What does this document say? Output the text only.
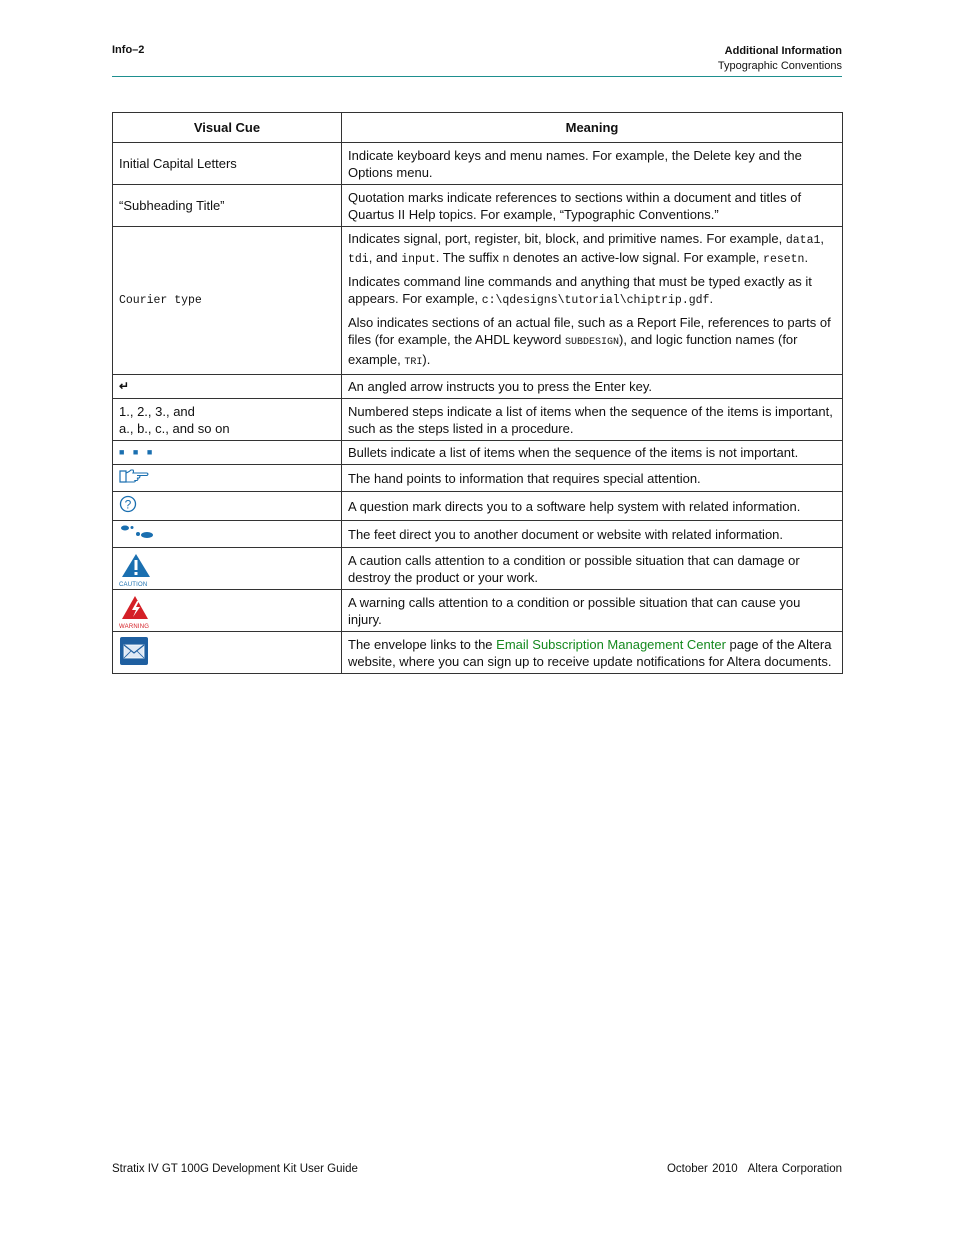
Info–2	Additional Information
Typographic Conventions
Visual Cue	Meaning
Initial Capital Letters	Indicate keyboard keys and menu names. For example, the Delete key and the Options menu.
“Subheading Title”	Quotation marks indicate references to sections within a document and titles of Quartus II Help topics. For example, “Typographic Conventions.”
Courier type	Indicates signal, port, register, bit, block, and primitive names. For example, data1, tdi, and input. The suffix n denotes an active-low signal. For example, resetn.

Indicates command line commands and anything that must be typed exactly as it appears. For example, c:\qdesigns\tutorial\chiptrip.gdf.

Also indicates sections of an actual file, such as a Report File, references to parts of files (for example, the AHDL keyword SUBDESIGN), and logic function names (for example, TRI).

↵	An angled arrow instructs you to press the Enter key.

1., 2., 3., and
a., b., c., and so on	Numbered steps indicate a list of items when the sequence of the items is important, such as the steps listed in a procedure.
■ ■ ■	Bullets indicate a list of items when the sequence of the items is not important.
	The hand points to information that requires special attention.

?	A question mark directs you to a software help system with related information.
	The feet direct you to another document or website with related information.

CAUTION	A caution calls attention to a condition or possible situation that can damage or destroy the product or your work.

WARNING	A warning calls attention to a condition or possible situation that can cause you injury.
	The envelope links to the Email Subscription Management Center page of the Altera website, where you can sign up to receive update notifications for Altera documents.
Stratix IV GT 100G Development Kit User Guide	October 2010 Altera Corporation
